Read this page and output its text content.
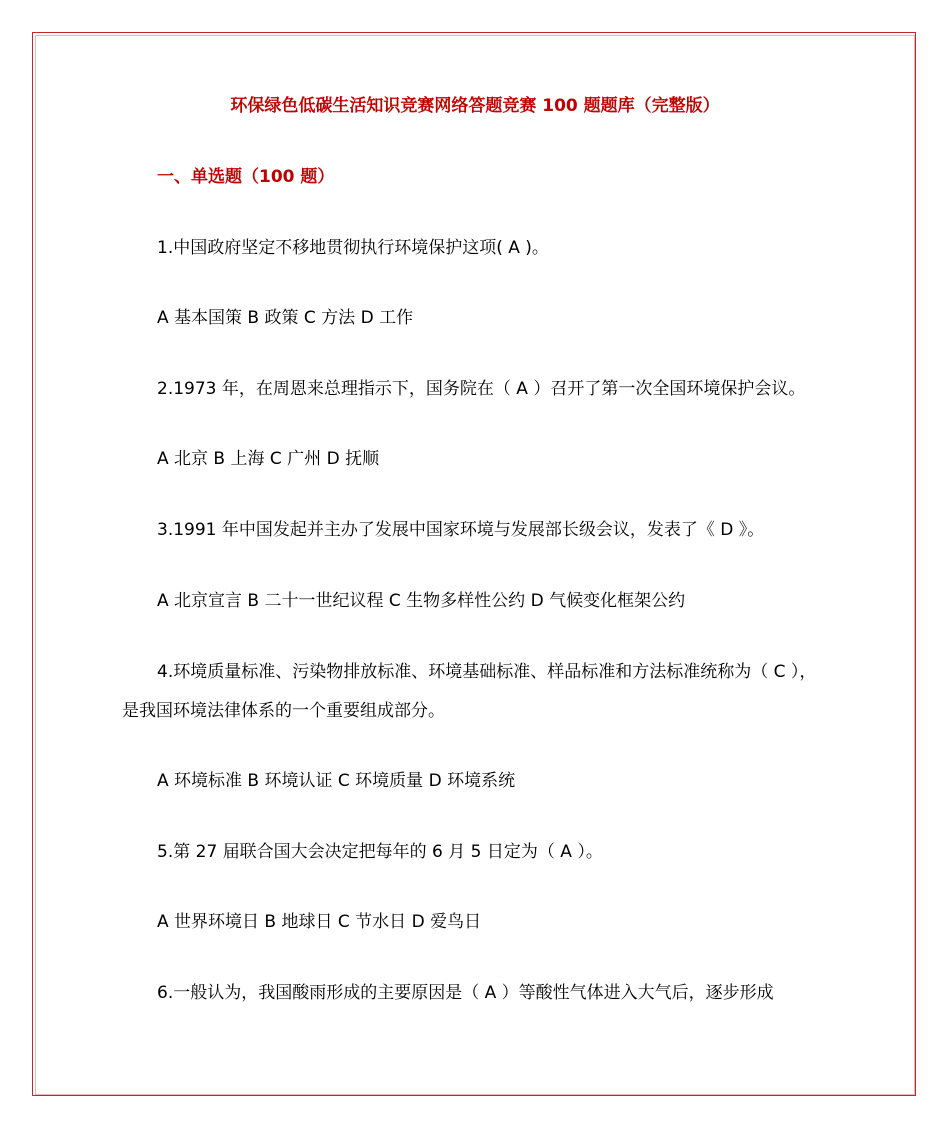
环保绿色低碳生活知识竞赛网络答题竞赛 100 题题库（完整版）
一、单选题（100 题）
1.中国政府坚定不移地贯彻执行环境保护这项( A )。
A 基本国策 B 政策 C 方法 D 工作
2.1973 年，在周恩来总理指示下，国务院在（ A ）召开了第一次全国环境保护会议。
A 北京 B 上海 C 广州 D 抚顺
3.1991 年中国发起并主办了发展中国家环境与发展部长级会议，发表了《 D 》。
A 北京宣言 B 二十一世纪议程 C 生物多样性公约 D 气候变化框架公约
4.环境质量标准、污染物排放标准、环境基础标准、样品标准和方法标准统称为（ C ），
是我国环境法律体系的一个重要组成部分。
A 环境标准 B 环境认证 C 环境质量 D 环境系统
5.第 27 届联合国大会决定把每年的 6 月 5 日定为（ A ）。
A 世界环境日 B 地球日 C 节水日 D 爱鸟日
6.一般认为，我国酸雨形成的主要原因是（ A ）等酸性气体进入大气后，逐步形成
